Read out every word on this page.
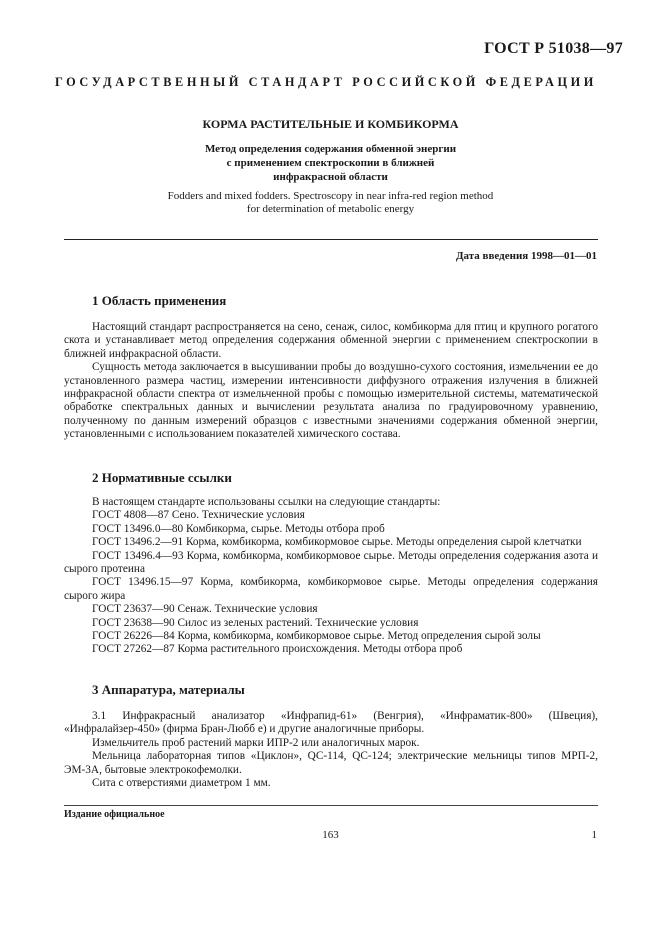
ГОСТ Р 51038—97
ГОСУДАРСТВЕННЫЙ СТАНДАРТ РОССИЙСКОЙ ФЕДЕРАЦИИ
КОРМА РАСТИТЕЛЬНЫЕ И КОМБИКОРМА
Метод определения содержания обменной энергии
с применением спектроскопии в ближней
инфракрасной области
Fodders and mixed fodders. Spectroscopy in near infra-red region method
for determination of metabolic energy
Дата введения 1998—01—01
1 Область применения

Настоящий стандарт распространяется на сено, сенаж, силос, комбикорма для птиц и крупного рогатого скота и устанавливает метод определения содержания обменной энергии с применением спектроскопии в ближней инфракрасной области.

Сущность метода заключается в высушивании пробы до воздушно-сухого состояния, измельчении ее до установленного размера частиц, измерении интенсивности диффузного отражения излучения в ближней инфракрасной области спектра от измельченной пробы с помощью измерительной системы, математической обработке спектральных данных и вычислении результата анализа по градуировочному уравнению, полученному по данным измерений образцов с известными значениями содержания обменной энергии, установленными с использованием показателей химического состава.

2 Нормативные ссылки

В настоящем стандарте использованы ссылки на следующие стандарты:

ГОСТ 4808—87 Сено. Технические условия

ГОСТ 13496.0—80 Комбикорма, сырье. Методы отбора проб

ГОСТ 13496.2—91 Корма, комбикорма, комбикормовое сырье. Методы определения сырой клетчатки

ГОСТ 13496.4—93 Корма, комбикорма, комбикормовое сырье. Методы определения содержания азота и сырого протеина

ГОСТ 13496.15—97 Корма, комбикорма, комбикормовое сырье. Методы определения содержания сырого жира

ГОСТ 23637—90 Сенаж. Технические условия

ГОСТ 23638—90 Силос из зеленых растений. Технические условия

ГОСТ 26226—84 Корма, комбикорма, комбикормовое сырье. Метод определения сырой золы

ГОСТ 27262—87 Корма растительного происхождения. Методы отбора проб

3 Аппаратура, материалы

3.1 Инфракрасный анализатор «Инфрапид-61» (Венгрия), «Инфраматик-800» (Швеция), «Инфралайзер-450» (фирма Бран-Любб е) и другие аналогичные приборы.

Измельчитель проб растений марки ИПР-2 или аналогичных марок.

Мельница лабораторная типов «Циклон», QC-114, QC-124; электрические мельницы типов МРП-2, ЭМ-3А, бытовые электрокофемолки.

Сита с отверстиями диаметром 1 мм.

Издание официальное
163	1
